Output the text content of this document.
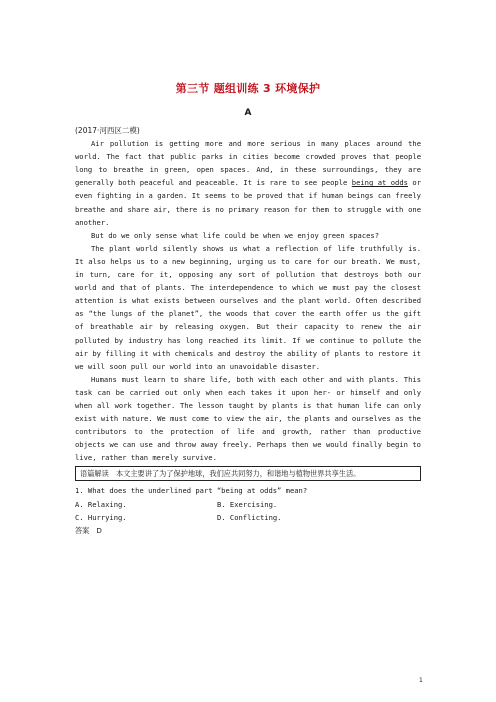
第三节 题组训练 3 环境保护
A

(2017·河西区二模)

Air pollution is getting more and more serious in many places around the world. The fact that public parks in cities become crowded proves that people long to breathe in green, open spaces. And, in these surroundings, they are generally both peaceful and peaceable. It is rare to see people being at odds or even fighting in a garden. It seems to be proved that if human beings can freely breathe and share air, there is no primary reason for them to struggle with one another.

But do we only sense what life could be when we enjoy green spaces?

The plant world silently shows us what a reflection of life truthfully is. It also helps us to a new beginning, urging us to care for our breath. We must, in turn, care for it, opposing any sort of pollution that destroys both our world and that of plants. The interdependence to which we must pay the closest attention is what exists between ourselves and the plant world. Often described as “the lungs of the planet”, the woods that cover the earth offer us the gift of breathable air by releasing oxygen. But their capacity to renew the air polluted by industry has long reached its limit. If we continue to pollute the air by filling it with chemicals and destroy the ability of plants to restore it we will soon pull our world into an unavoidable disaster.

Humans must learn to share life, both with each other and with plants. This task can be carried out only when each takes it upon her- or himself and only when all work together. The lesson taught by plants is that human life can only exist with nature. We must come to view the air, the plants and ourselves as the contributors to the protection of life and growth, rather than productive objects we can use and throw away freely. Perhaps then we would finally begin to live, rather than merely survive.

语篇解读　本文主要讲了为了保护地球，我们应共同努力，和谐地与植物世界共享生活。

1. What does the underlined part “being at odds” mean?

A. Relaxing.	B. Exercising.
C. Hurrying.	D. Conflicting.

答案　D

1
